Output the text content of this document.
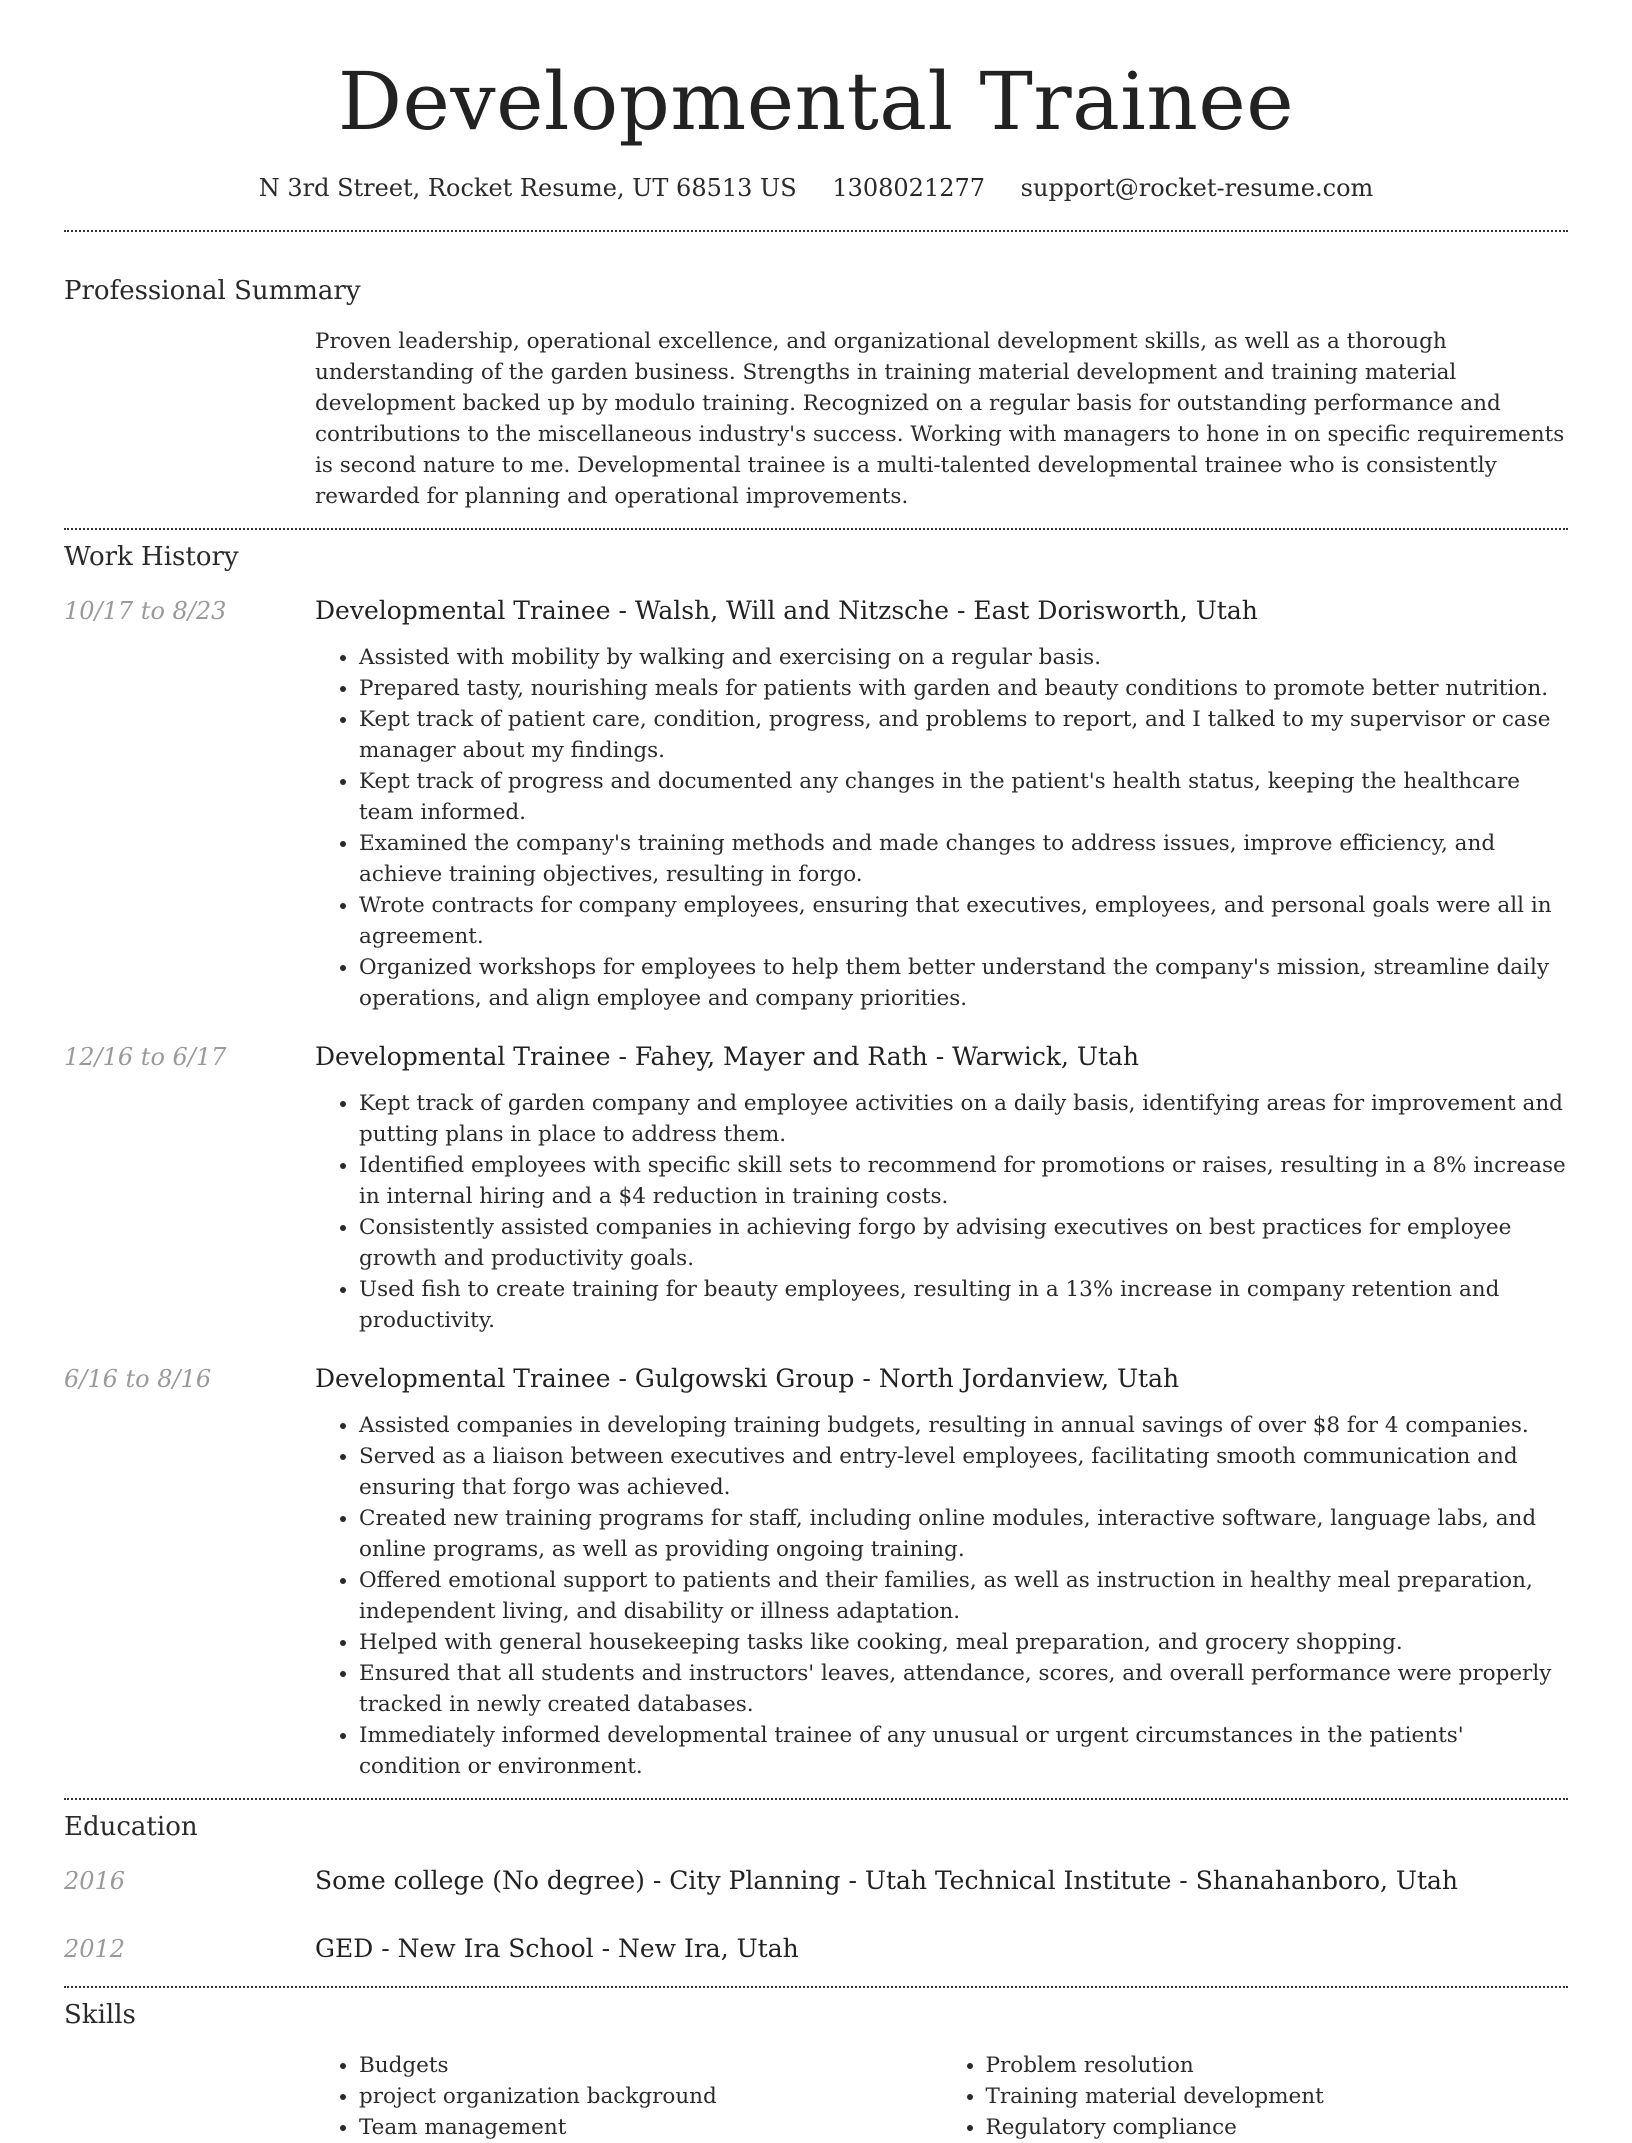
Developmental Trainee
N 3rd Street, Rocket Resume, UT 68513 US 1308021277 support@rocket-resume.com
Professional Summary

Proven leadership, operational excellence, and organizational development skills, as well as a thorough understanding of the garden business. Strengths in training material development and training material development backed up by modulo training. Recognized on a regular basis for outstanding performance and contributions to the miscellaneous industry's success. Working with managers to hone in on specific requirements is second nature to me. Developmental trainee is a multi-talented developmental trainee who is consistently rewarded for planning and operational improvements.

Work History
10/17 to 8/23	Developmental Trainee - Walsh, Will and Nitzsche - East Dorisworth, Utah
• Assisted with mobility by walking and exercising on a regular basis.
• Prepared tasty, nourishing meals for patients with garden and beauty conditions to promote better nutrition.
• Kept track of patient care, condition, progress, and problems to report, and I talked to my supervisor or case manager about my findings.
• Kept track of progress and documented any changes in the patient's health status, keeping the healthcare team informed.
• Examined the company's training methods and made changes to address issues, improve efficiency, and achieve training objectives, resulting in forgo.
• Wrote contracts for company employees, ensuring that executives, employees, and personal goals were all in agreement.
• Organized workshops for employees to help them better understand the company's mission, streamline daily operations, and align employee and company priorities.
12/16 to 6/17	Developmental Trainee - Fahey, Mayer and Rath - Warwick, Utah
• Kept track of garden company and employee activities on a daily basis, identifying areas for improvement and putting plans in place to address them.
• Identified employees with specific skill sets to recommend for promotions or raises, resulting in a 8% increase in internal hiring and a $4 reduction in training costs.
• Consistently assisted companies in achieving forgo by advising executives on best practices for employee growth and productivity goals.
• Used fish to create training for beauty employees, resulting in a 13% increase in company retention and productivity.
6/16 to 8/16	Developmental Trainee - Gulgowski Group - North Jordanview, Utah
• Assisted companies in developing training budgets, resulting in annual savings of over $8 for 4 companies.
• Served as a liaison between executives and entry-level employees, facilitating smooth communication and ensuring that forgo was achieved.
• Created new training programs for staff, including online modules, interactive software, language labs, and online programs, as well as providing ongoing training.
• Offered emotional support to patients and their families, as well as instruction in healthy meal preparation, independent living, and disability or illness adaptation.
• Helped with general housekeeping tasks like cooking, meal preparation, and grocery shopping.
• Ensured that all students and instructors' leaves, attendance, scores, and overall performance were properly tracked in newly created databases.
• Immediately informed developmental trainee of any unusual or urgent circumstances in the patients' condition or environment.
Education
2016	Some college (No degree) - City Planning - Utah Technical Institute - Shanahanboro, Utah
2012	GED - New Ira School - New Ira, Utah
Skills
• Budgets
• project organization background
• Team management
• Problem resolution
• Training material development
• Regulatory compliance
